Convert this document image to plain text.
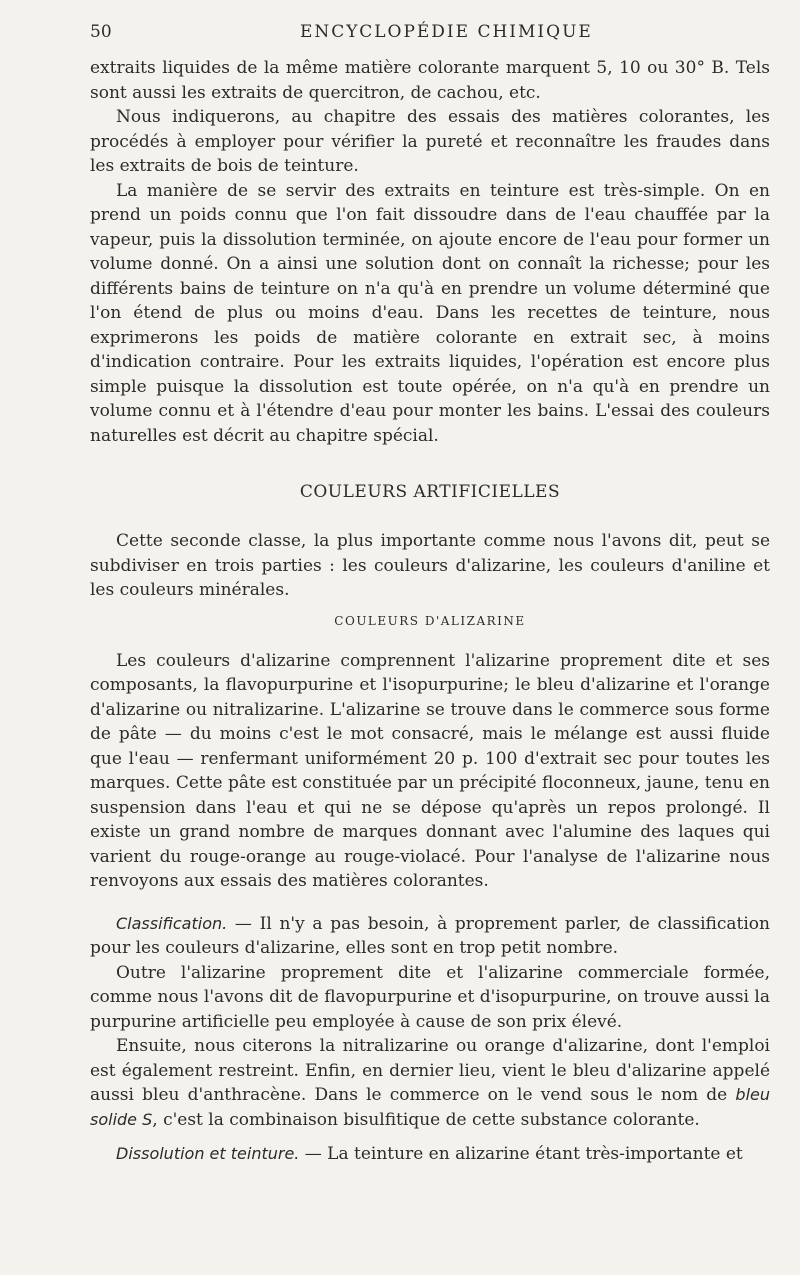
50	ENCYCLOPÉDIE CHIMIQUE

extraits liquides de la même matière colorante marquent 5, 10 ou 30° B. Tels sont aussi les extraits de quercitron, de cachou, etc.

Nous indiquerons, au chapitre des essais des matières colorantes, les procédés à employer pour vérifier la pureté et reconnaître les fraudes dans les extraits de bois de teinture.

La manière de se servir des extraits en teinture est très-simple. On en prend un poids connu que l'on fait dissoudre dans de l'eau chauffée par la vapeur, puis la dissolution terminée, on ajoute encore de l'eau pour former un volume donné. On a ainsi une solution dont on connaît la richesse; pour les différents bains de teinture on n'a qu'à en prendre un volume déterminé que l'on étend de plus ou moins d'eau. Dans les recettes de teinture, nous exprimerons les poids de matière colorante en extrait sec, à moins d'indication contraire. Pour les extraits liquides, l'opération est encore plus simple puisque la dissolution est toute opérée, on n'a qu'à en prendre un volume connu et à l'étendre d'eau pour monter les bains. L'essai des couleurs naturelles est décrit au chapitre spécial.

COULEURS ARTIFICIELLES

Cette seconde classe, la plus importante comme nous l'avons dit, peut se subdiviser en trois parties : les couleurs d'alizarine, les couleurs d'aniline et les couleurs minérales.

COULEURS D'ALIZARINE

Les couleurs d'alizarine comprennent l'alizarine proprement dite et ses composants, la flavopurpurine et l'isopurpurine; le bleu d'alizarine et l'orange d'alizarine ou nitralizarine. L'alizarine se trouve dans le commerce sous forme de pâte — du moins c'est le mot consacré, mais le mélange est aussi fluide que l'eau — renfermant uniformément 20 p. 100 d'extrait sec pour toutes les marques. Cette pâte est constituée par un précipité floconneux, jaune, tenu en suspension dans l'eau et qui ne se dépose qu'après un repos prolongé. Il existe un grand nombre de marques donnant avec l'alumine des laques qui varient du rouge-orange au rouge-violacé. Pour l'analyse de l'alizarine nous renvoyons aux essais des matières colorantes.

Classification. — Il n'y a pas besoin, à proprement parler, de classification pour les couleurs d'alizarine, elles sont en trop petit nombre.

Outre l'alizarine proprement dite et l'alizarine commerciale formée, comme nous l'avons dit de flavopurpurine et d'isopurpurine, on trouve aussi la purpurine artificielle peu employée à cause de son prix élevé.

Ensuite, nous citerons la nitralizarine ou orange d'alizarine, dont l'emploi est également restreint. Enfin, en dernier lieu, vient le bleu d'alizarine appelé aussi bleu d'anthracène. Dans le commerce on le vend sous le nom de bleu solide S, c'est la combinaison bisulfitique de cette substance colorante.

Dissolution et teinture. — La teinture en alizarine étant très-importante et
